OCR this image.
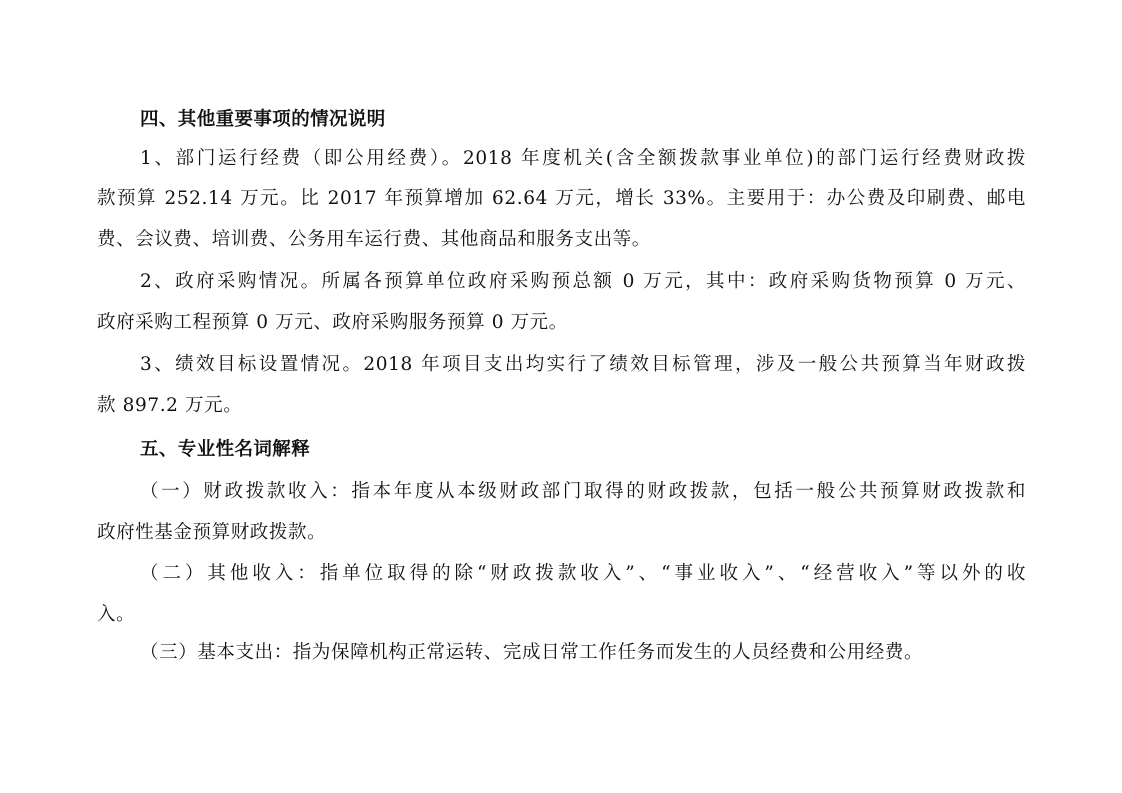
四、其他重要事项的情况说明
1、部门运行经费（即公用经费）。2018 年度机关(含全额拨款事业单位)的部门运行经费财政拨
款预算 252.14 万元。比 2017 年预算增加 62.64 万元，增长 33%。主要用于：办公费及印刷费、邮电
费、会议费、培训费、公务用车运行费、其他商品和服务支出等。
2、政府采购情况。所属各预算单位政府采购预总额 0 万元，其中：政府采购货物预算 0 万元、
政府采购工程预算 0 万元、政府采购服务预算 0 万元。
3、绩效目标设置情况。2018 年项目支出均实行了绩效目标管理，涉及一般公共预算当年财政拨
款 897.2 万元。
五、专业性名词解释
（一）财政拨款收入：指本年度从本级财政部门取得的财政拨款，包括一般公共预算财政拨款和
政府性基金预算财政拨款。
（二）其他收入：指单位取得的除“财政拨款收入”、“事业收入”、“经营收入”等以外的收
入。
（三）基本支出：指为保障机构正常运转、完成日常工作任务而发生的人员经费和公用经费。
